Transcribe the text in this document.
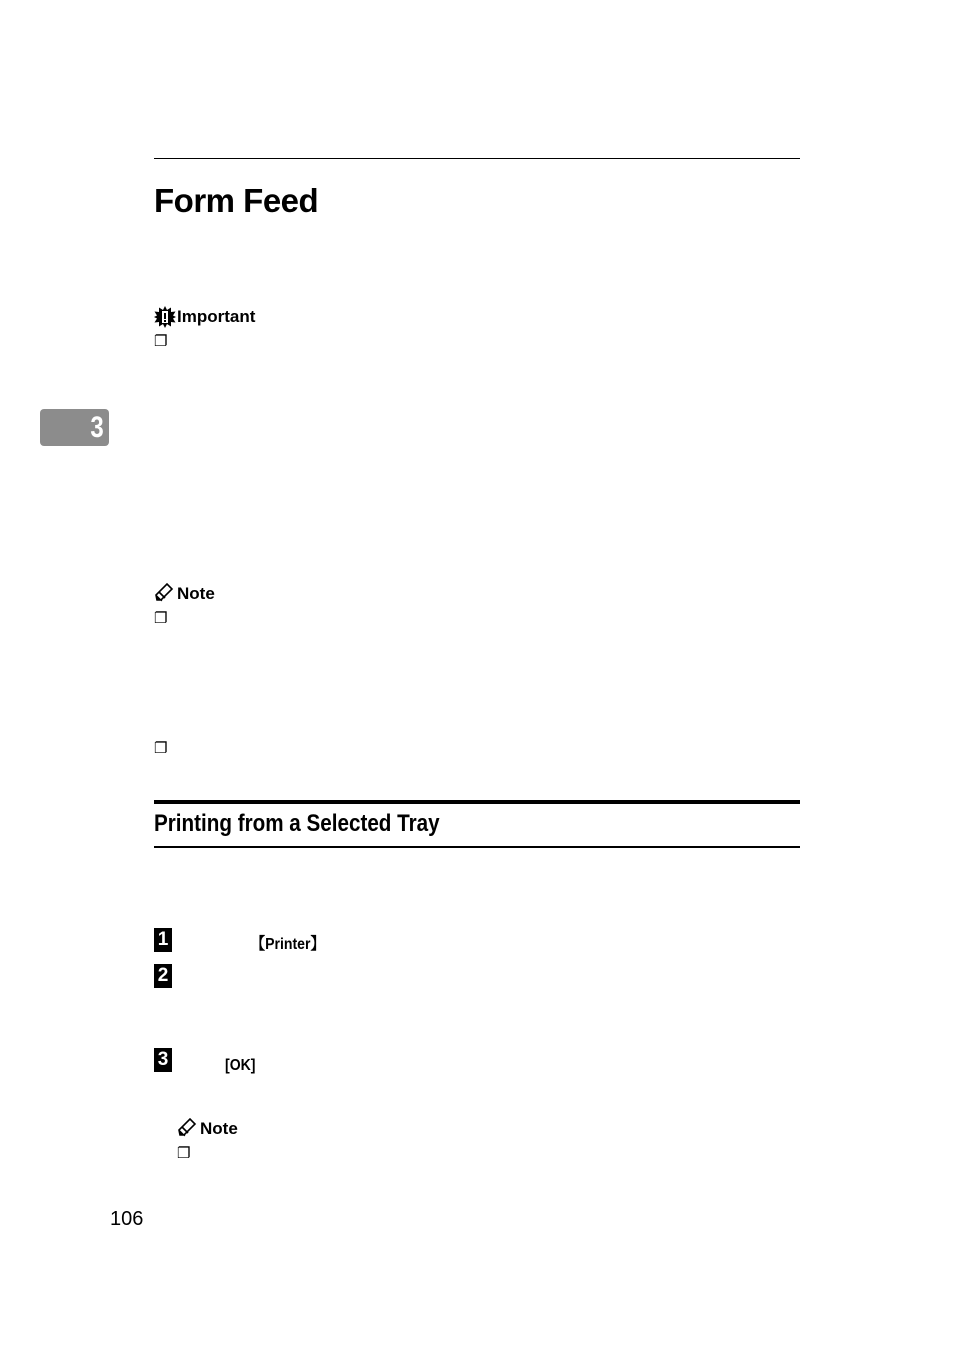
Form Feed
Important
❐
3
Note
❐
❐
Printing from a Selected Tray
1	【Printer】
2
3	[OK]
Note
❐
106
